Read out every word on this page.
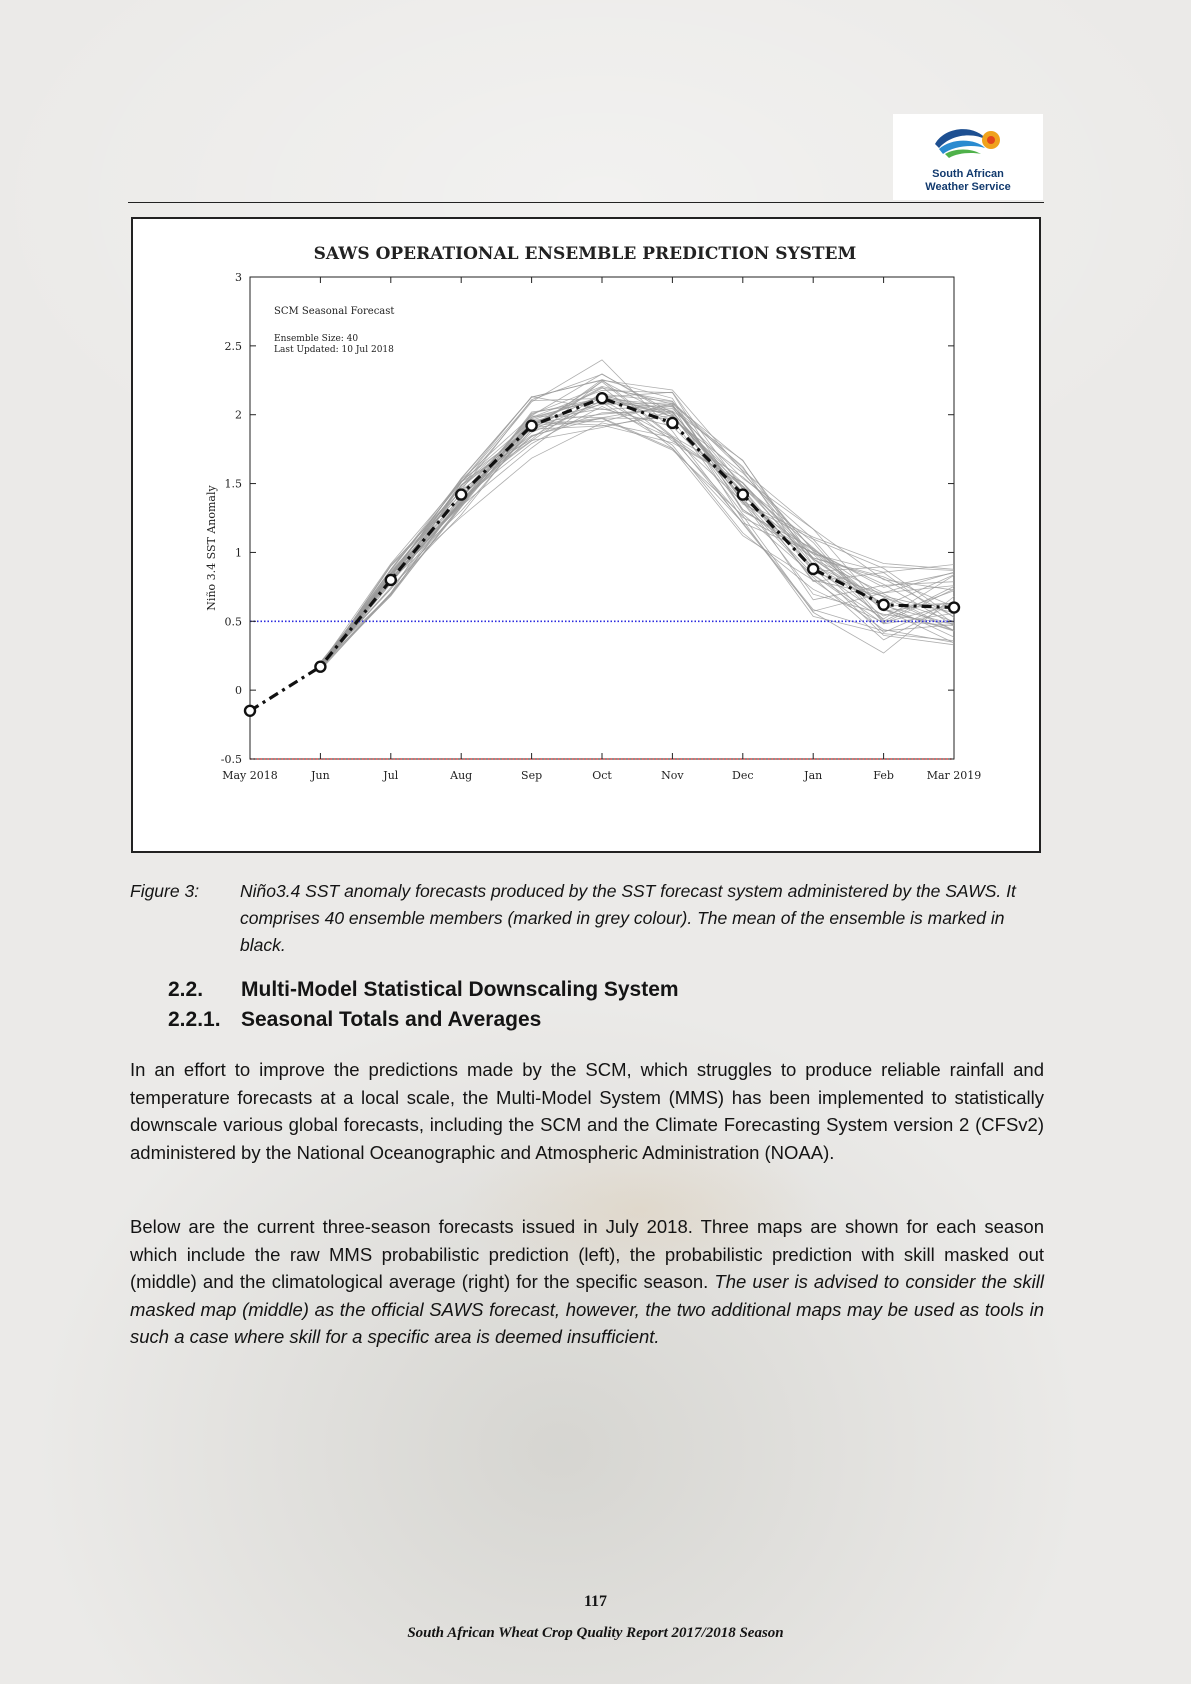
South African
Weather Service
SAWS OPERATIONAL ENSEMBLE PREDICTION SYSTEM
SCM Seasonal Forecast
Ensemble Size: 40
Last Updated: 10 Jul 2018
Niño 3.4 SST Anomaly
May 2018	Jun	Jul	Aug	Sep	Oct	Nov	Dec	Jan	Feb	Mar 2019
-0.5
0
0.5
1
1.5
2
2.5
3
Figure 3: Niño3.4 SST anomaly forecasts produced by the SST forecast system administered by the SAWS. It comprises 40 ensemble members (marked in grey colour). The mean of the ensemble is marked in black.
2.2. Multi-Model Statistical Downscaling System
2.2.1. Seasonal Totals and Averages
In an effort to improve the predictions made by the SCM, which struggles to produce reliable rainfall and temperature forecasts at a local scale, the Multi-Model System (MMS) has been implemented to statistically downscale various global forecasts, including the SCM and the Climate Forecasting System version 2 (CFSv2) administered by the National Oceanographic and Atmospheric Administration (NOAA).
Below are the current three-season forecasts issued in July 2018. Three maps are shown for each season which include the raw MMS probabilistic prediction (left), the probabilistic prediction with skill masked out (middle) and the climatological average (right) for the specific season. The user is advised to consider the skill masked map (middle) as the official SAWS forecast, however, the two additional maps may be used as tools in such a case where skill for a specific area is deemed insufficient.
117
South African Wheat Crop Quality Report 2017/2018 Season
